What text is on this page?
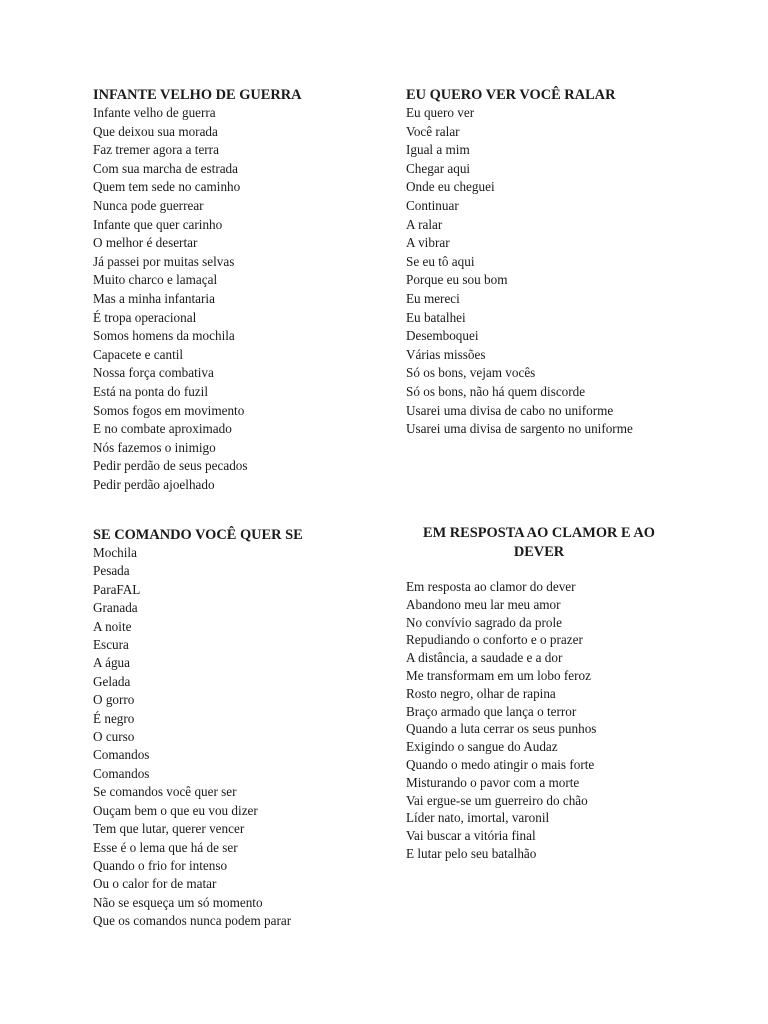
INFANTE VELHO DE GUERRA
Infante velho de guerra
Que deixou sua morada
Faz tremer agora a terra
Com sua marcha de estrada
Quem tem sede no caminho
Nunca pode guerrear
Infante que quer carinho
O melhor é desertar
Já passei por muitas selvas
Muito charco e lamaçal
Mas a minha infantaria
É tropa operacional
Somos homens da mochila
Capacete e cantil
Nossa força combativa
Está na ponta do fuzil
Somos fogos em movimento
E no combate aproximado
Nós fazemos o inimigo
Pedir perdão de seus pecados
Pedir perdão ajoelhado
EU QUERO VER VOCÊ RALAR
Eu quero ver
Você ralar
Igual a mim
Chegar aqui
Onde eu cheguei
Continuar
A ralar
A vibrar
Se eu tô aqui
Porque eu sou bom
Eu mereci
Eu batalhei
Desemboquei
Várias missões
Só os bons, vejam vocês
Só os bons, não há quem discorde
Usarei uma divisa de cabo no uniforme
Usarei uma divisa de sargento no uniforme
SE COMANDO VOCÊ QUER SE
Mochila
Pesada
ParaFAL
Granada
A noite
Escura
A água
Gelada
O gorro
É negro
O curso
Comandos
Comandos
Se comandos você quer ser
Ouçam bem o que eu vou dizer
Tem que lutar, querer vencer
Esse é o lema que há de ser
Quando o frio for intenso
Ou o calor for de matar
Não se esqueça um só momento
Que os comandos nunca podem parar
EM RESPOSTA AO CLAMOR E AO DEVER
Em resposta ao clamor do dever
Abandono meu lar meu amor
No convívio sagrado da prole
Repudiando o conforto e o prazer
A distância, a saudade e a dor
Me transformam em um lobo feroz
Rosto negro, olhar de rapina
Braço armado que lança o terror
Quando a luta cerrar os seus punhos
Exigindo o sangue do Audaz
Quando o medo atingir o mais forte
Misturando o pavor com a morte
Vai ergue-se um guerreiro do chão
Líder nato, imortal, varonil
Vai buscar a vitória final
E lutar pelo seu batalhão
